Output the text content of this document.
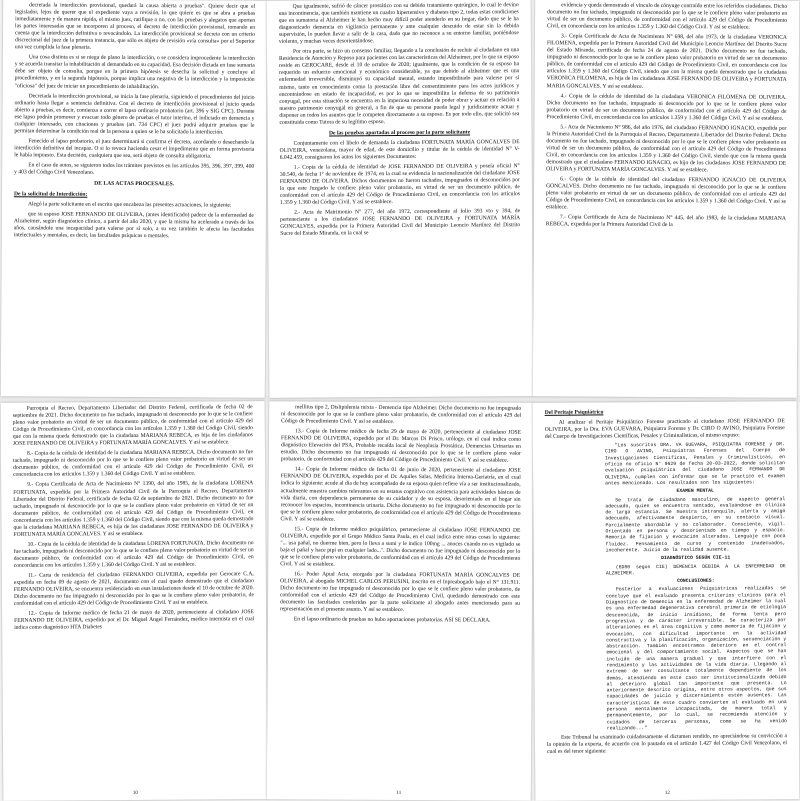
decretada la interdicción provisional, quedará la causa abierta a pruebas". Quiere decir que el legislador, lejos de querer que el expediente vaya a revisión, lo que quiere es que se abra a pruebas inmediatamente y de manera rápida, el mismo juez, ratifique o no, con las pruebas y alegatos que aporten las partes interesadas que se incorporen al proceso, el decreto de interdicción provisional, tomando en cuenta que la interdicción definitiva o revocándolo. La interdicción provisional se decreta con un criterio discrecional del juez de la primera instancia, que sólo es objeto de revisión «vía consulta» por el Superior una vez cumplida la fase plenaria.

Una cosa distinta es si se niega de plano la interdicción, o se considera improcedente la interdicción y se acuerda transitar la inhabilitación al demandado en su capacidad. Esa decisión dictada en fase sumaria debe ser objeto de consulta, porque en la primera hipótesis se desecha la solicitud y concluye el procedimiento, y en la segunda hipótesis, porque implica una negativa de la interdicción y la imposición "oficiosa" del juez de iniciar un procedimiento de inhabilitación.

Decretada la interdicción provisional, se inicia la fase plenaria, siguiendo el procedimiento del juicio ordinario hasta llegar a sentencia definitiva. Con el decreto de interdicción provisional el juicio queda abierto a pruebas, es decir, comienza a correr el lapso ordinario probatorio (art. 396 y SIG CPC). Durante ese lapso podrán promover y evacuar todo género de pruebas el tutor interino, el indiciado en demencia y cualquier interesado, con citaciones y pruebas (art. 734 CPC) el juez podrá adquirir pruebas que le permitan determinar la condición real de la persona a quien se le ha solicitado la interdicción.

Fenecido el lapso probatorio, el juez determinará si confirma el decreto, acordando o desechando la interdicción definitiva del incapaz. O si lo revoca haciendo cesar el impedimento que en forma provisoria le había impuesto. Esta decisión, cualquiera que sea, será objeto de consulta obligatoria.

En el caso de autos, se siguieron todos los trámites previstos en los artículos 395, 396, 397, 399, 400 y 403 del Código Civil Venezolano.

DE LAS ACTAS PROCESALES.

De la solicitud de Interdicción:

Alegó la parte solicitante en el escrito que encabeza las presentes actuaciones, lo siguiente:

que su esposo JOSE FERNANDO DE OLIVEIRA, (antes identificado) padece de la enfermedad de Alzaheimer, según diagnóstico clínico, a partir del año 2020, y que la misma ha acelerado a través de los años, causándole una incapacidad para valerse por sí solo, a su vez también le afecta las facultades intelectuales y mentales, es decir, las facultades psíquicas o mentales.

Que igualmente, sufrió de cáncer prostático con su debido tratamiento quirúrgico, lo cual le devino una incontinencia, que también mantiene un cuadro hipertensivo y diabetes tipo 2, todas estas condiciones que en sumatoria al Alzheimer le han hecho muy difícil poder atenderlo en su hogar, dado que se le ha diagnosticado demencia en vigilancia permanente y ante cualquier descuido de estar sin la debida supervisión, lo pueden llevar a salir de la casa, dado que no reconoce a su entorno familiar, poniéndose violento, y muchas veces desorientándose.

Por otra parte, se hizo un consenso familiar, llegando a la conclusión de recluir al ciudadano en una Residencia de Atención y Reposo para pacientes con las características del Alzheimer, por lo que su esposo reside en GEROCARE, desde el 10 de octubre de 2020; igualmente, que la condición de su esposo ha requerido un esfuerzo emocional y económico considerable, ya que debido al alzheimer que es una enfermedad irreversible, disminuyó su capacidad mental, estando imposibilitado para valerse por sí mismo, tanto en conocimiento como la prestación libre del consentimiento para los actos jurídicos y encontrándose en estado de incapacidad, es por lo que se imposibilita la defensa de su patrimonio conyugal, por esta situación se encuentra en la imperiosa necesidad de poder obrar y actuar en relación a nuestro patrimonio conyugal en general, a fin de que su persona pueda legal y jurídicamente actuar y disponer en todos los asuntos que le competen directamente a su esposo. Es por todo ello, que solicitó sea constituida como Tutora de su legítimo esposo.

De las pruebas aportadas al proceso por la parte solicitante

Conjuntamente con el libelo de demanda la ciudadana FORTUNATA MARÍA GONCALVES DE OLIVEIRA, venezolana, mayor de edad, de este domicilio y titular de la cédula de identidad N° V-6.042.459, consignaron los autos los siguientes Documentos:

1.- Copia de la cédula de identidad de JOSE FERNANDO DE OLIVEIRA y poseía oficial N° 30.540, de fecha 1° de noviembre de 1974, en la cual se evidencia la nacionalización del ciudadano JOSE FERNANDO DE OLIVEIRA. Dichos documentos no fueron tachados, impugnados ni desconocidos por lo que este Juzgado le confiere pleno valor probatorio, en virtud de ser un documento público, de conformidad con el artículo 429 del Código de Procedimiento Civil, en concordancia con los artículos 1.359 y 1.360 del Código Civil. Y así se establece.

2.- Acta de Matrimonio N° 277, del año 1972, correspondiente al folio 393 vto y 394, de perteneciente a los ciudadanos JOSE FERNANDO DE OLIVEIRA y FORTUNATA MARÍA GONCALVES, expedida por la Primera Autoridad Civil del Municipio Leoncio Martínez del Distrito Sucre del Estado Miranda, en la cual se

evidencia y queda demostrado el vínculo de cónyuge contraído entre los referidos ciudadanos. Dicho documento no fue tachado, impugnado ni desconocido por lo que se le confiere pleno valor probatorio en virtud de ser un documento público, de conformidad con el artículo 429 del Código de Procedimiento Civil, en concordancia con los artículos 1.359 y 1.360 del Código Civil. Y así se establece.

3.- Copia Certificada de Acta de Nacimiento N° 698, del año 1973, de la ciudadana VERONICA FILOMENA, expedida por la Primera Autoridad Civil del Municipio Leoncio Martínez del Distrito Sucre del Estado Miranda, certificada de fecha 24 de agosto de 2021. Dicho documento no fue tachado, impugnado ni desconocido por lo que se le confiere pleno valor probatorio en virtud de ser un documento público, de conformidad con el artículo 429 del Código de Procedimiento Civil, en concordancia con los artículos 1.359 y 1.360 del Código Civil, siendo que con la misma queda demostrado que la ciudadana VERONICA FILOMENA, es hija de los ciudadanos JOSE FERNANDO DE OLIVEIRA y FORTUNATA MARIA GONCALVES. Y así se establece.

4.- Copia de la cédula de identidad de la ciudadana VERONICA FILOMENA DE OLIVEIRA. Dicho documento no fue tachado, impugnado ni desconocido por lo que se le confiere pleno valor probatorio en virtud de ser un documento público, de conformidad con el artículo 429 del Código de Procedimiento Civil, en concordancia con los artículos 1.359 y 1.360 del Código Civil. Y así se establece.

5.- Acta de Nacimiento N° 986, del año 1976, del ciudadano FERNANDO IGNACIO, expedida por la Primera Autoridad Civil de la Parroquia el Recreo, Departamento Libertador del Distrito Federal. Dicho documento no fue tachado, impugnado ni desconocido por lo que se le confiere pleno valor probatorio en virtud de ser un documento público, de conformidad con el artículo 429 del Código de Procedimiento Civil, en concordancia con los artículos 1.359 y 1.360 del Código Civil, siendo que con la misma queda demostrado que el ciudadano FERNANDO IGNACIO, es hijo de los ciudadanos JOSE FERNANDO DE OLIVEIRA y FORTUNATA MARÍA GONCALVES. Y así se establece.

6.- Copia de la cédula de identidad del ciudadano FERNANDO IGNACIO DE OLIVEIRA GONCALVES. Dicho documento no fue tachado, impugnado ni desconocido por lo que se le confiere pleno valor probatorio en virtud de ser un documento público, de conformidad con el artículo 429 del Código de Procedimiento Civil, en concordancia con los artículos 1.359 y 1.360 del Código Civil. Y así se establece.

7.- Copia Certificada de Acta de Nacimiento N° 445, del año 1983, de la ciudadana MARIANA REBECA, expedida por la Primera Autoridad Civil de la

Parroquia el Recreo, Departamento Libertador del Distrito Federal, certificada de fecha 02 de septiembre de 2021. Dicho documento no fue tachado, impugnado ni desconocido por lo que se le confiere pleno valor probatorio en virtud de ser un documento público, de conformidad con el artículo 429 del Código de Procedimiento Civil, en concordancia con los artículos 1.359 y 1.360 del Código Civil, siendo que con la misma queda demostrado que la ciudadana MARIANA REBECA, es hija de los ciudadanos JOSE FERNANDO DE OLIVEIRA y FORTUNATA MARÍA GONCALVES. Y así se establece.

8.- Copia de la cédula de identidad de la ciudadana MARIANA REBECA. Dicho documento no fue tachado, impugnado ni desconocido por lo que se le confiere pleno valor probatorio en virtud de ser un documento público, de conformidad con el artículo 429 del Código de Procedimiento Civil, en concordancia con los artículos 1.359 y 1.360 del Código Civil. Y así se establece.

9.- Copia Certificada de Acta de Nacimiento N° 1390, del año 1985, de la ciudadana LORENA FORTUNATA, expedida por la Primera Autoridad Civil de la Parroquia el Recreo, Departamento Libertador del Distrito Federal, certificada de fecha 02 de septiembre de 2021. Dicho documento no fue tachado, impugnado ni desconocido por lo que se le confiere pleno valor probatorio en virtud de ser un documento público, de conformidad con el artículo 429 del Código de Procedimiento Civil, en concordancia con los artículos 1.359 y 1.360 del Código Civil, siendo que con la misma queda demostrado que la ciudadana MARIANA REBECA, es hija de los ciudadanos JOSE FERNANDO DE OLIVEIRA y FORTUNATA MARÍA GONCALVES. Y así se establece.

10.- Copia de la cédula de identidad de la ciudadana LORENA FORTUNATA. Dicho documento no fue tachado, impugnado ni desconocido por lo que se le confiere pleno valor probatorio en virtud de ser un documento público, de conformidad con el artículo 429 del Código de Procedimiento Civil, en concordancia con los artículos 1.359 y 1.360 del Código Civil. Y así se establece.

11.- Carta de residencia del ciudadano FERNANDO OLIVEIRA, expedida por Gerocare C.A, expedida en fecha 09 de agosto de 2021, documento con el cual quedo demostrado que el ciudadano FERNANDO OLIVEIRA, se encuentra residenciado en esas instalaciones desde el 10 de octubre de 2020. Dicho documento no fue impugnado ni desconocido por lo que se le confiere pleno valor probatorio, de conformidad con el artículo 429 del Código de Procedimiento Civil. Y así se establece.

12.- Copia de Informe médico de fecha 21 de mayo de 2020, perteneciente al ciudadano JOSE FERNANDO DE OLIVEIRA, expedido por el Dr. Miguel Angel Fernández, médico internista en el cual indica como diagnóstico HTA Diabetes

10

mellitus tipo 2, Dislipidemia mixta - Demencia tipo Alzheimer. Dicho documento no fue impugnado ni desconocido por lo que se le confiere pleno valor probatorio, de conformidad con el artículo 429 del Código de Procedimiento Civil. Y así se establece.

13.- Copia de Informe médico de fecha 29 de mayo de 2020, perteneciente al ciudadano JOSE FERNANDO DE OLIVEIRA, expedido por el Dr. Marcos Di Prisco, urólogo, en el cual indica como diagnóstico Elevación del PSA, Probable recaída local de Neoplasia Prostática, Demencias Urinarias en estudio. Dicho documento no fue impugnado ni desconocido por lo que se le confiere pleno valor probatorio, de conformidad con el artículo 429 del Código de Procedimiento Civil. Y así se establece.

14.- Copia de Informe médico de fecha 01 de junio de 2020, perteneciente al ciudadano JOSE FERNANDO DE OLIVEIRA, expedido por el Dr. Aquiles Salas, Medicina Interna-Geriatría, en el cual indica lo siguiente: acude al día de hoy acompañado de su esposa quien refiere vía a ser institucionalizado, actualmente muestra cambios relevantes en su estatus cognitivo con asistencia para actividades básicas de vida diaria, con dependencia permanente de su cuidador y de su esposa, desorientado en el hogar sin reconocer los espacios, incontinencia urinaria. Dicho documento no fue impugnado ni desconocido por lo que se le confiere pleno valor probatorio, de conformidad con el artículo 429 del Código de Procedimiento Civil. Y así se establece.

15.- Copia de Informe médico psiquiátrico, perteneciente al ciudadano JOSE FERNANDO DE OLIVEIRA, expedido por el Grupo Médico Santa Paula, en el cual indica entre otras cosas lo siguiente: "... usa pañal, no duerme bien, pero lo lleva a sumi y le indico 100mg ... anoces cuando no es vigilado se baja el pañal y hace pipí en cualquier lado...". Dicho documento no fue impugnado ni desconocido por lo que se le confiere pleno valor probatorio, de conformidad con el artículo 429 del Código de Procedimiento Civil. Y así se establece.

16.- Poder Apud Acta, otorgado por la ciudadana FORTUNATA MARÍA GONCALVES DE OLIVEIRA, al abogado MICHEL CARLOS PERUSINI, inscrito en el Inpreabogado bajo el N° 131.911. Dicho documento no fue impugnado ni desconocido por lo que se le confiere pleno valor probatorio, de conformidad con el artículo 429 del Código de Procedimiento Civil, quedando demostrado con este documento las facultades conferidas por la parte solicitante al abogado antes mencionado para su representación en el presente asunto. Y así se establece.

En el lapso ordinario de pruebas no hubo aportaciones probatorias. ASÍ SE DECLARA.

11

Del Peritaje Psiquiátrico

Al analizar el Peritaje Psiquiátrico Forense practicado al ciudadano JOSE FERNANDO DE OLIVEIRA, por la Dra. EVA GUEVARA, Psiquiatra Forense y Dr. CIRO O AVINO, Psiquiatra Forense del Cuerpo de Investigaciones Científicas, Penales y Criminalísticas, el mismo expuso:

"Los suscritos DRA. VA GUEVARA, PSIQUIATRA FORENSE y DR. CIRO O AVINO, Psiquiatras Forenses del Cuerpo de Investigaciones Científicas, Penales y Criminalísticas, en oficio no oficio N° 9629 de fecha 20-03-2022, donde solicitan evaluación psiquiátrica del ciudadano JOSE FERNANDO DE OLIVEIRA, cumplen con informar que se le practicó el examen antes mencionado. Los resultados son los siguientes:

EXAMEN MENTAL

Se trata de ciudadano masculino, de aspecto general adecuado, quien se encuentra sentado, evaluándose en clínica de larga estancia. Se muestra intranquilo, alerta y amigo adecuado, afectivamente despierto, en su contacto visual. Parcialmente abordable y no colaborador. Consciente, vigil. Orientado en persona y desorientado en tiempo y espacio. Memoria de fijación y evocación alteradas. Lenguaje con poca fluidez. Pensamiento de curso y contenido inadecuados, incoherente. Juicio de la realidad ausente.

DIAGNÓSTICO SEGÚN CIE-11

(6D80 según CIE) DEMENCIA DEBIDA A LA ENFERMEDAD DE ALZHEIMER.

CONCLUSIONES:

Posterior a evaluaciones Psiquiátricas realizadas se concluye que el evaluado presenta criterios clínicos para el Diagnóstico de Demencia en la enfermedad de Alzheimer la cual es una enfermedad degenerativa cerebral primaria de etiología desconocida, de inicio insidioso, de forma lenta pero progresiva y de carácter irreversible. Se caracteriza por alteraciones en el área cognitiva y como memoria de fijación y evocación, con dificultad importante en la actividad constructiva y la planificación, organización, secuenciación y abstracción. También encontramos deterioro en el control emocional y del comportamiento social. Aspectos que se han incluido de una manera gradual y que interfiere con el rendimiento y las actividades de la vida diaria. Llegando al extremo de ser consultante totalmente dependiente de los demás, atendiendo en este caso ser institucionalizado debido al deterioro global tan importante que presenta. Lo anteriormente descrito origina, entre otros aspectos, que sus capacidades de juicio y discernimiento estén ausentes. Las características de este cuadro convierten al evaluado en una persona mentalmente incapacitada, de manera total y permanentemente, por lo cual, se recomienda atención y cuidados de terceras personas, como se ha venido realizando..."

Este Tribunal ha examinado cuidadosamente el dictamen rendido, no apreciándose su convicción a la opinión de la experta, de acuerdo con lo pautado en el artículo 1.427 del Código Civil Venezolano, el cual es del tenor siguiente:

12
